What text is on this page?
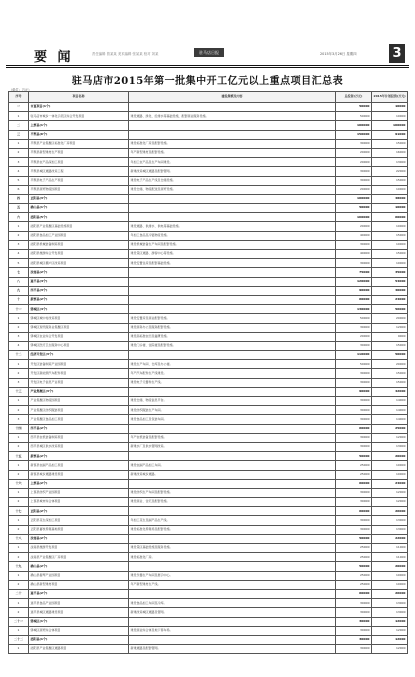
要 闻	责任编辑 曾某某 美术编辑 张某某 校对 刘某	驻马店日报	2015年3月26日 星期四	3
驻马店市2015年第一批集中开工亿元以上重点项目汇总表
（单位：万元）
序号	项目名称	建设规模及内容	总投资(万元)	2015年计划投资(万元)
一	市直项目(1个)		50000	10000
1	驻马店市城乡一体化示范区综合开发项目	建设道路、绿化、给排水等基础设施，配套商业服务设施。	50000	10000
二	上蔡县(1个)		100000	100000
三	平舆县(6个)		150000	91000
1	平舆县产业集聚区标准化厂房项目	建设标准化厂房及配套设施。	30000	15000
2	平舆县新型建材生产项目	年产新型建材及配套设施。	20000	16000
3	平舆县农产品深加工项目	年加工农产品及生产车间建设。	20000	13000
4	平舆县城区道路改造工程	新建改造城区道路及配套管网。	30000	22000
5	平舆县电子产品生产项目	建设电子产品生产线及仓储设施。	30000	15000
6	平舆县商贸物流园项目	建设仓储、物流配送及商贸设施。	20000	10000
四	正阳县(3个)		100000	48000
五	确山县(1个)		50000	10000
六	泌阳县(5个)		160000	60000
1	泌阳县产业集聚区基础设施项目	建设道路、供排水、供电等基础设施。	20000	10000
2	泌阳县食品加工产业园项目	年加工食品及冷链物流设施。	40000	15000
3	泌阳县机械装备制造项目	建设机械装备生产车间及配套设施。	30000	10000
4	泌阳县旅游综合开发项目	建设景区道路、游客中心等设施。	40000	15000
5	泌阳县城区棚户区改造项目	建设安置住房及配套基础设施。	30000	10000
七	汝南县(2个)		75000	35000
八	遂平县(4个)		120000	54000
九	西平县(3个)		90000	40000
十	新蔡县(2个)		60000	24000
十一	驿城区(4个)		130000	56000
1	驿城区城中村改造项目	建设安置房及商业配套设施。	50000	20000
2	驿城区现代服务业集聚区项目	建设商务办公及服务配套设施。	30000	12000
3	驿城区农业综合开发项目	建设高标准农田及灌溉设施。	20000	9000
4	驿城区医疗卫生服务中心项目	建设门诊楼、住院楼及配套设施。	30000	15000
十二	经济开发区(3个)		110000	50000
1	开发区装备制造产业园项目	建设生产车间、仓库及办公楼。	50000	20000
2	开发区新能源汽车配件项目	年产汽车配件生产线建设。	30000	15000
3	开发区电子信息产业项目	建设电子元器件生产线。	30000	15000
十三	产业集聚区(3个)		90000	42000
1	产业集聚区物流园项目	建设仓储、物流信息平台。	30000	14000
2	产业集聚区纺织服装项目	建设纺织服装生产车间。	30000	14000
3	产业集聚区食品加工项目	建设食品加工及包装车间。	30000	14000
十四	西平县(2个)		60000	25000
1	西平县农机装备制造项目	年产农机装备及配套设施。	30000	12000
2	西平县城区供水改造项目	新建水厂及供水管网改造。	30000	13000
十五	新蔡县(2个)		50000	20000
1	新蔡县农副产品加工项目	建设农副产品加工车间。	25000	10000
2	新蔡县城乡道路建设项目	新建改造城乡道路。	25000	10000
十六	上蔡县(2个)		60000	24000
1	上蔡县纺织产业园项目	建设纺织生产车间及配套设施。	30000	12000
2	上蔡县城市综合体项目	建设商业、住宅及配套设施。	30000	12000
十七	正阳县(2个)		60000	26000
1	正阳县花生深加工项目	年加工花生及副产品生产线。	30000	13000
2	正阳县畜牧养殖基地项目	建设标准化养殖场及配套设施。	30000	13000
十八	汝南县(2个)		50000	22000
1	汝南县旅游开发项目	建设景区基础设施及服务设施。	25000	11000
2	汝南县产业集聚区厂房项目	建设标准化厂房。	25000	11000
十九	确山县(2个)		50000	20000
1	确山县提琴产业园项目	建设乐器生产车间及展示中心。	25000	10000
2	确山县新型建材项目	年产新型建材生产线。	25000	10000
二十	遂平县(2个)		60000	26000
1	遂平县食品产业园项目	建设食品加工车间及冷库。	30000	13000
2	遂平县城区道路建设项目	新建改造城区道路及管网。	30000	13000
二十一	驿城区(1个)		30000	12000
1	驿城区商贸综合体项目	建设商业综合体及地下停车场。	30000	12000
二十二	泌阳县(1个)		30000	12000
1	泌阳县产业集聚区道路项目	新建道路及配套管网。	30000	12000
